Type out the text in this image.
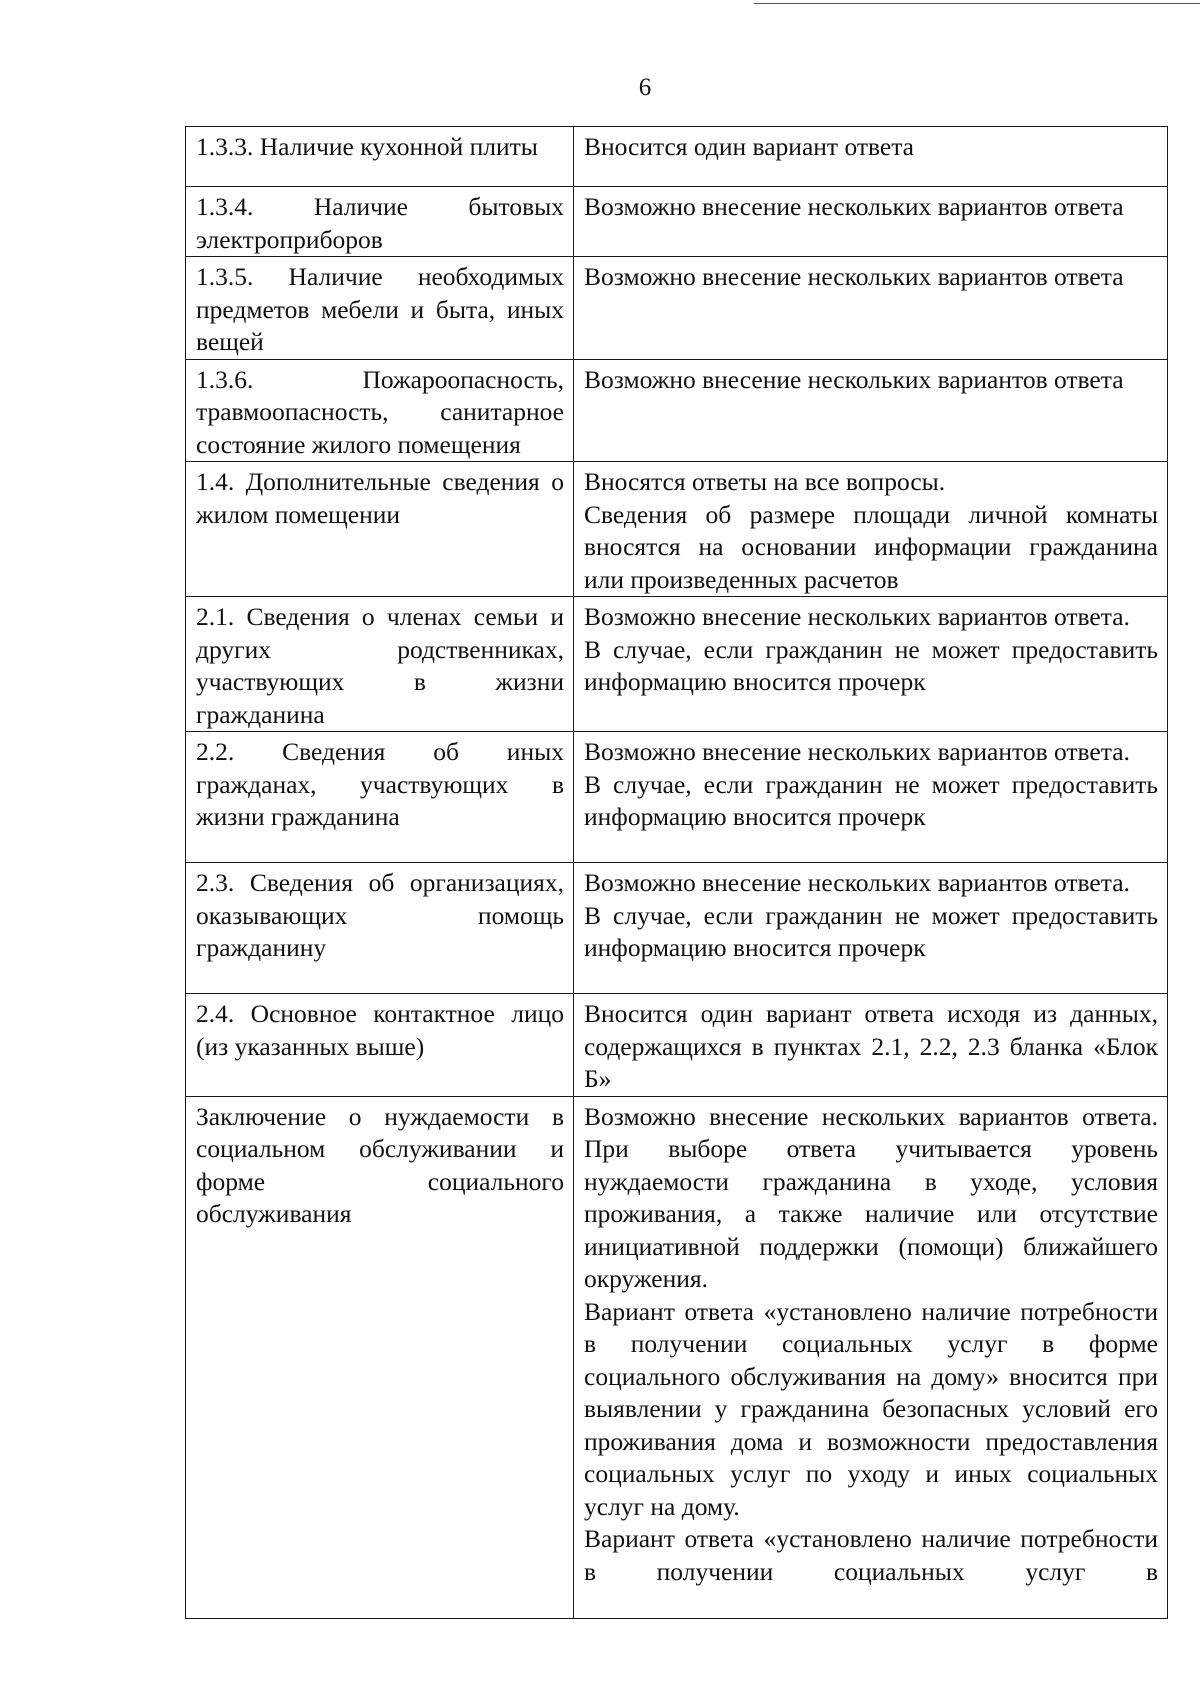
6
1.3.3. Наличие кухонной плиты	Вносится один вариант ответа

1.3.4. Наличие бытовых электроприборов	Возможно внесение нескольких вариантов ответа

1.3.5. Наличие необходимых предметов мебели и быта, иных вещей	Возможно внесение нескольких вариантов ответа

1.3.6. Пожароопасность, травмоопасность, санитарное состояние жилого помещения	Возможно внесение нескольких вариантов ответа

1.4. Дополнительные сведения о жилом помещении	Вносятся ответы на все вопросы.
Сведения об размере площади личной комнаты вносятся на основании информации гражданина или произведенных расчетов

2.1. Сведения о членах семьи и других родственниках, участвующих в жизни гражданина	Возможно внесение нескольких вариантов ответа.
В случае, если гражданин не может предоставить информацию вносится прочерк

2.2. Сведения об иных гражданах, участвующих в жизни гражданина	Возможно внесение нескольких вариантов ответа.
В случае, если гражданин не может предоставить информацию вносится прочерк

2.3. Сведения об организациях, оказывающих помощь гражданину	Возможно внесение нескольких вариантов ответа.
В случае, если гражданин не может предоставить информацию вносится прочерк

2.4. Основное контактное лицо (из указанных выше)	Вносится один вариант ответа исходя из данных, содержащихся в пунктах 2.1, 2.2, 2.3 бланка «Блок Б»

Заключение о нуждаемости в социальном обслуживании и форме социального обслуживания	Возможно внесение нескольких вариантов ответа. При выборе ответа учитывается уровень нуждаемости гражданина в уходе, условия проживания, а также наличие или отсутствие инициативной поддержки (помощи) ближайшего окружения.
Вариант ответа «установлено наличие потребности в получении социальных услуг в форме социального обслуживания на дому» вносится при выявлении у гражданина безопасных условий его проживания дома и возможности предоставления социальных услуг по уходу и иных социальных услуг на дому.
Вариант ответа «установлено наличие потребности в получении социальных услуг в
